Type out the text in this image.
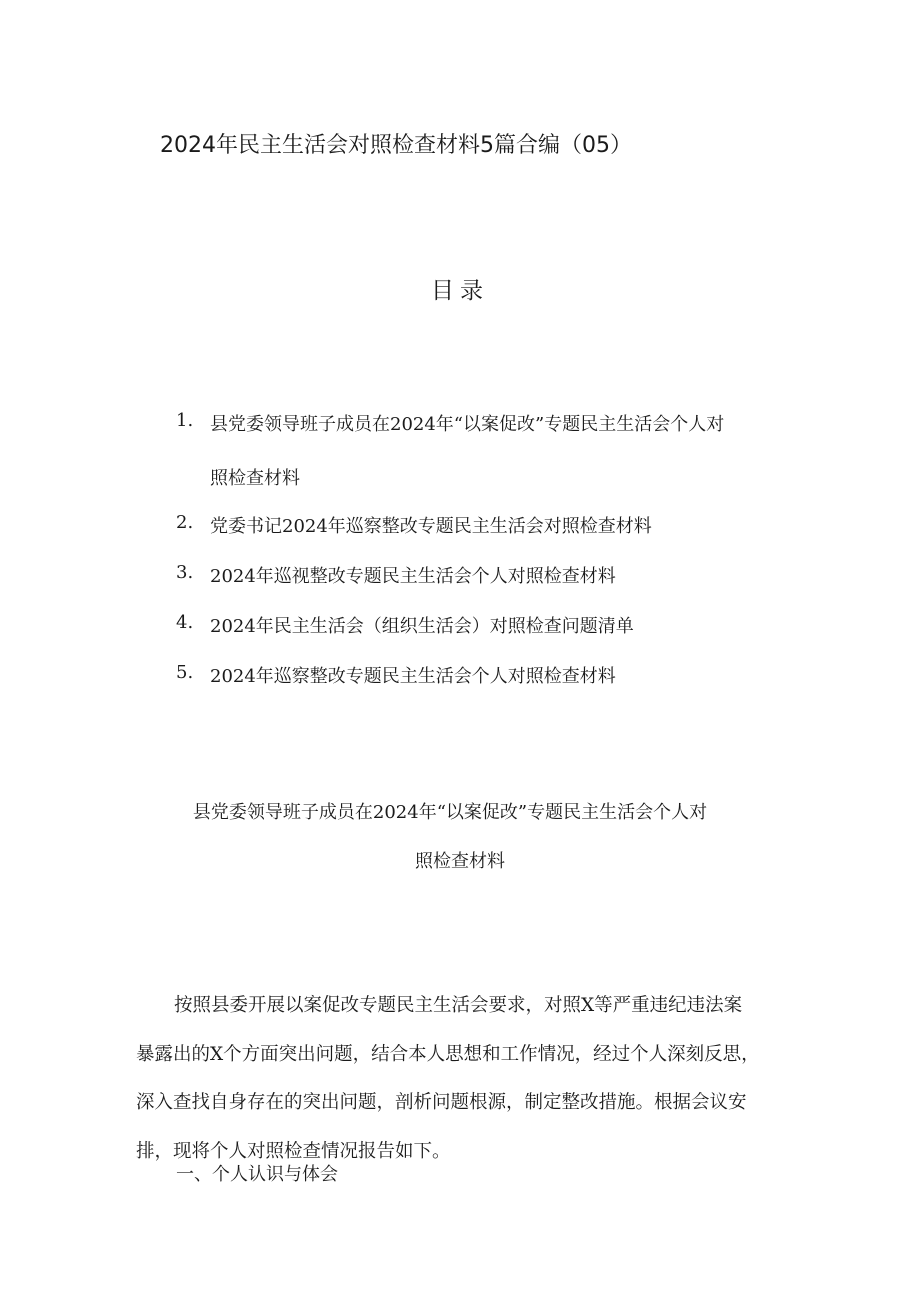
2024年民主生活会对照检查材料5篇合编（05）
目录
1. 县党委领导班子成员在2024年“以案促改”专题民主生活会个人对
照检查材料
2. 党委书记2024年巡察整改专题民主生活会对照检查材料
3. 2024年巡视整改专题民主生活会个人对照检查材料
4. 2024年民主生活会（组织生活会）对照检查问题清单
5. 2024年巡察整改专题民主生活会个人对照检查材料
县党委领导班子成员在2024年“以案促改”专题民主生活会个人对
照检查材料

按照县委开展以案促改专题民主生活会要求，对照X等严重违纪违法案

暴露出的X个方面突出问题，结合本人思想和工作情况，经过个人深刻反思，

深入查找自身存在的突出问题，剖析问题根源，制定整改措施。根据会议安

排，现将个人对照检查情况报告如下。

一、个人认识与体会
